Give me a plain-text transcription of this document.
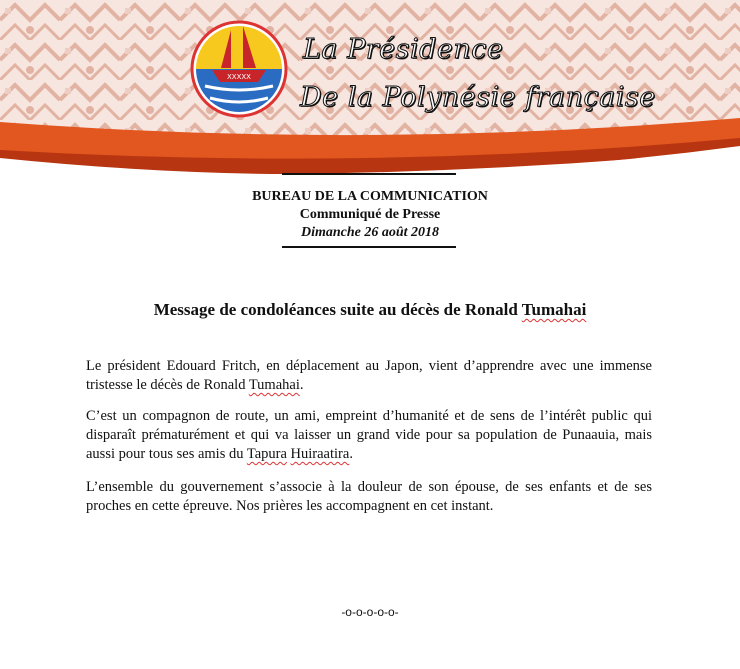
XXXXX
La Présidence
De la Polynésie française
BUREAU DE LA COMMUNICATION
Communiqué de Presse
Dimanche 26 août 2018
Message de condoléances suite au décès de Ronald Tumahai

Le président Edouard Fritch, en déplacement au Japon, vient d’apprendre avec une immense tristesse le décès de Ronald Tumahai.

C’est un compagnon de route, un ami, empreint d’humanité et de sens de l’intérêt public qui disparaît prématurément et qui va laisser un grand vide pour sa population de Punaauia, mais aussi pour tous ses amis du Tapura Huiraatira.

L’ensemble du gouvernement s’associe à la douleur de son épouse, de ses enfants et de ses proches en cette épreuve. Nos prières les accompagnent en cet instant.

-o-o-o-o-o-
